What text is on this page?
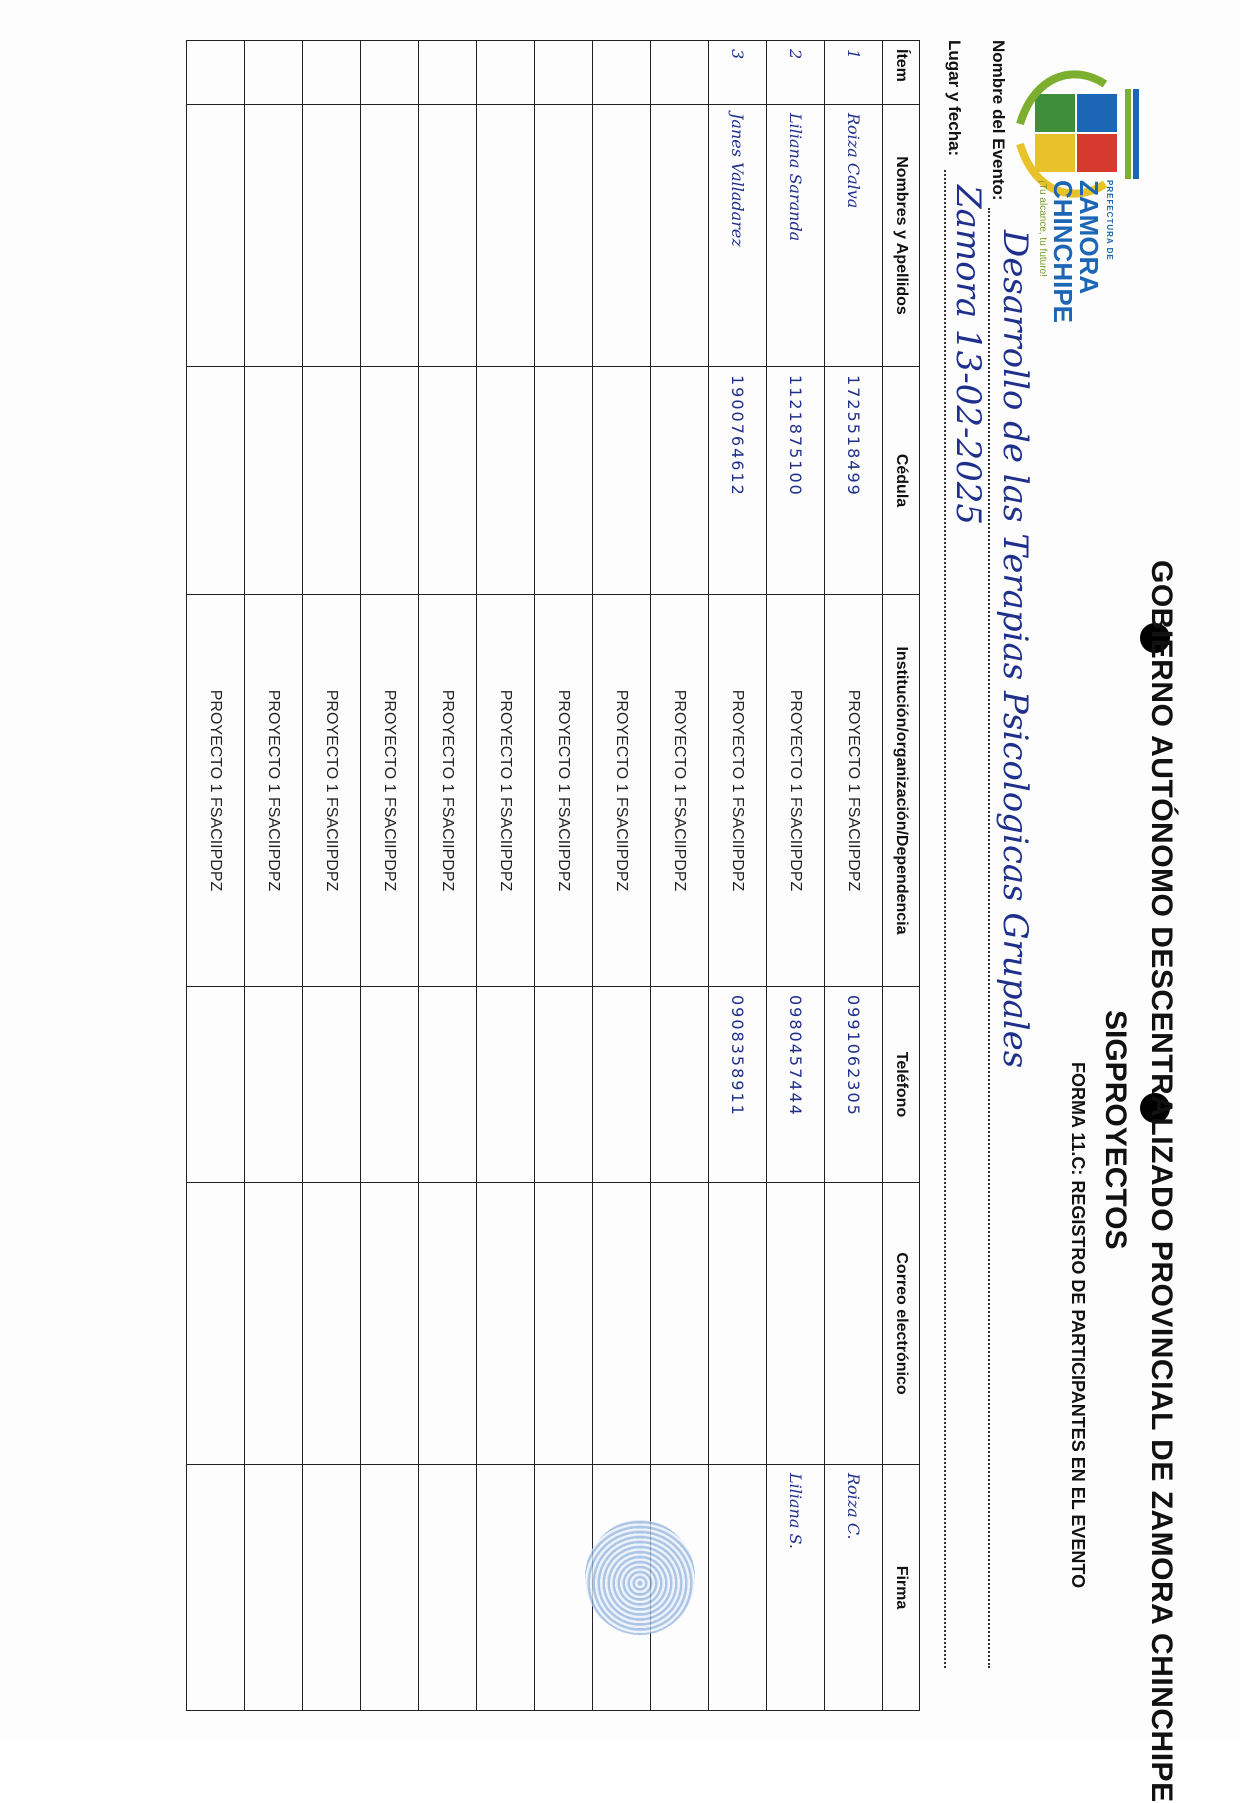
GOBIERNO AUTÓNOMO DESCENTRALIZADO PROVINCIAL DE ZAMORA CHINCHIPE
SIGPROYECTOS
FORMA 11.C: REGISTRO DE PARTICIPANTES EN EL EVENTO
PREFECTURA DE
ZAMORA
CHINCHIPE
¡Tu alcance, tu futuro!
Nombre del Evento:
Desarrollo de las Terapias Psicologicas Grupales
Lugar y fecha:
Zamora 13-02-2025
Ítem	Nombres y Apellidos	Cédula	Institución/organización/Dependencia	Teléfono	Correo electrónico	Firma
1	Roiza Calva	1725518499	PROYECTO 1 FSACIIPDPZ	0991062305		Roiza C.
2	Liliana Saranda	1121875100	PROYECTO 1 FSACIIPDPZ	0980457444		Liliana S.
3	Janes Valladarez	1900764612	PROYECTO 1 FSACIIPDPZ	0908358911		
			PROYECTO 1 FSACIIPDPZ			
			PROYECTO 1 FSACIIPDPZ			
			PROYECTO 1 FSACIIPDPZ			
			PROYECTO 1 FSACIIPDPZ			
			PROYECTO 1 FSACIIPDPZ			
			PROYECTO 1 FSACIIPDPZ			
			PROYECTO 1 FSACIIPDPZ			
			PROYECTO 1 FSACIIPDPZ			
			PROYECTO 1 FSACIIPDPZ			
